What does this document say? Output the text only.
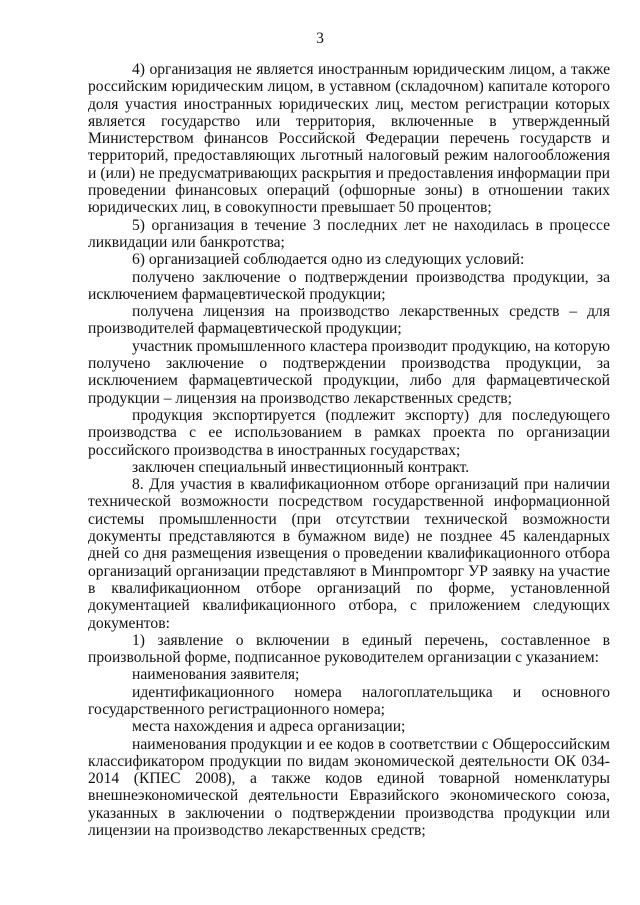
3

4) организация не является иностранным юридическим лицом, а также российским юридическим лицом, в уставном (складочном) капитале которого доля участия иностранных юридических лиц, местом регистрации которых является государство или территория, включенные в утвержденный Министерством финансов Российской Федерации перечень государств и территорий, предоставляющих льготный налоговый режим налогообложения и (или) не предусматривающих раскрытия и предоставления информации при проведении финансовых операций (офшорные зоны) в отношении таких юридических лиц, в совокупности превышает 50 процентов;

5) организация в течение 3 последних лет не находилась в процессе ликвидации или банкротства;

6) организацией соблюдается одно из следующих условий:

получено заключение о подтверждении производства продукции, за исключением фармацевтической продукции;

получена лицензия на производство лекарственных средств – для производителей фармацевтической продукции;

участник промышленного кластера производит продукцию, на которую получено заключение о подтверждении производства продукции, за исключением фармацевтической продукции, либо для фармацевтической продукции – лицензия на производство лекарственных средств;

продукция экспортируется (подлежит экспорту) для последующего производства с ее использованием в рамках проекта по организации российского производства в иностранных государствах;

заключен специальный инвестиционный контракт.

8. Для участия в квалификационном отборе организаций при наличии технической возможности посредством государственной информационной системы промышленности (при отсутствии технической возможности документы представляются в бумажном виде) не позднее 45 календарных дней со дня размещения извещения о проведении квалификационного отбора организаций организации представляют в Минпромторг УР заявку на участие в квалификационном отборе организаций по форме, установленной документацией квалификационного отбора, с приложением следующих документов:

1) заявление о включении в единый перечень, составленное в произвольной форме, подписанное руководителем организации с указанием:

наименования заявителя;

идентификационного номера налогоплательщика и основного государственного регистрационного номера;

места нахождения и адреса организации;

наименования продукции и ее кодов в соответствии с Общероссийским классификатором продукции по видам экономической деятельности ОК 034-2014 (КПЕС 2008), а также кодов единой товарной номенклатуры внешнеэкономической деятельности Евразийского экономического союза, указанных в заключении о подтверждении производства продукции или лицензии на производство лекарственных средств;
